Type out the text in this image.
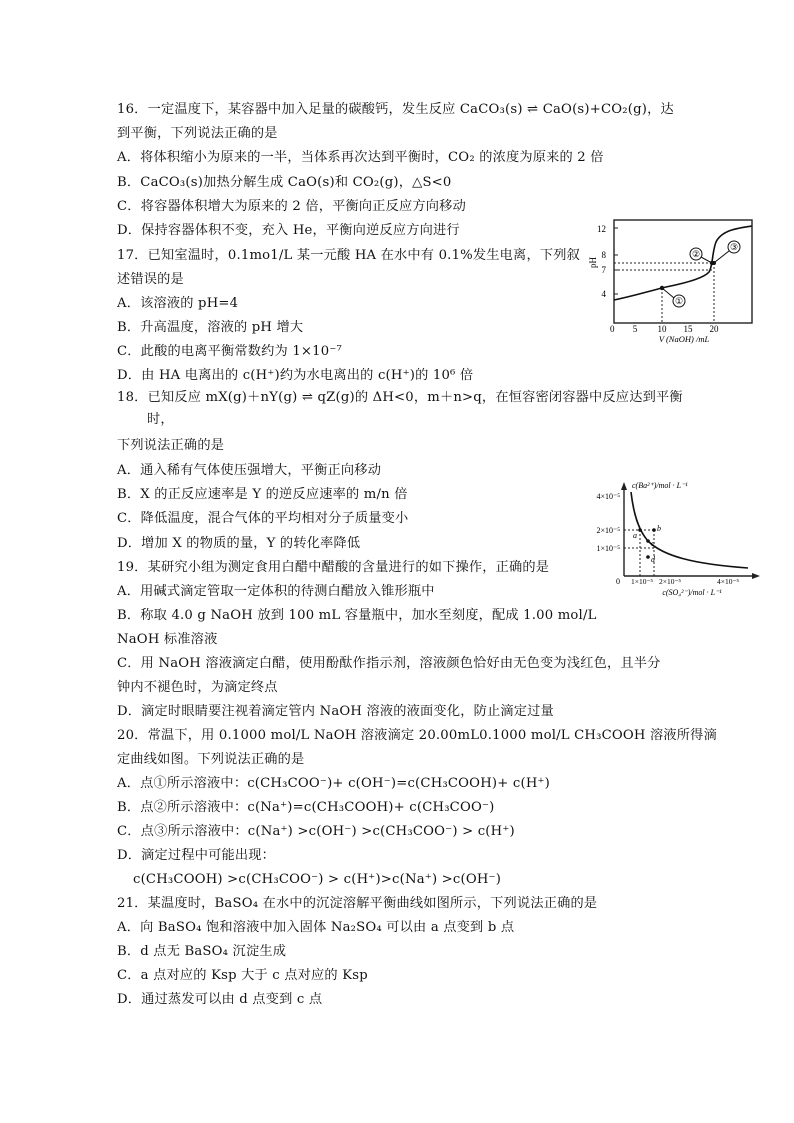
16．一定温度下，某容器中加入足量的碳酸钙，发生反应 CaCO₃(s) ⇌ CaO(s)+CO₂(g)，达
到平衡，下列说法正确的是
A．将体积缩小为原来的一半，当体系再次达到平衡时，CO₂ 的浓度为原来的 2 倍
B．CaCO₃(s)加热分解生成 CaO(s)和 CO₂(g)，△S<0
C．将容器体积增大为原来的 2 倍，平衡向正反应方向移动
D．保持容器体积不变，充入 He，平衡向逆反应方向进行
17．已知室温时，0.1mo1/L 某一元酸 HA 在水中有 0.1%发生电离，下列叙
述错误的是
A．该溶液的 pH=4
B．升高温度，溶液的 pH 增大
C．此酸的电离平衡常数约为 1×10⁻⁷
D．由 HA 电离出的 c(H⁺)约为水电离出的 c(H⁺)的 10⁶ 倍
18．已知反应 mX(g)＋nY(g) ⇌ qZ(g)的 ΔH<0，m＋n>q，在恒容密闭容器中反应达到平衡
时，
下列说法正确的是
A．通入稀有气体使压强增大，平衡正向移动
B．X 的正反应速率是 Y 的逆反应速率的 m/n 倍
C．降低温度，混合气体的平均相对分子质量变小
D．增加 X 的物质的量，Y 的转化率降低
19．某研究小组为测定食用白醋中醋酸的含量进行的如下操作，正确的是
A．用碱式滴定管取一定体积的待测白醋放入锥形瓶中
B．称取 4.0 g NaOH 放到 100 mL 容量瓶中，加水至刻度，配成 1.00 mol/L
NaOH 标准溶液
C．用 NaOH 溶液滴定白醋，使用酚酞作指示剂，溶液颜色恰好由无色变为浅红色，且半分
钟内不褪色时，为滴定终点
D．滴定时眼睛要注视着滴定管内 NaOH 溶液的液面变化，防止滴定过量
20．常温下，用 0.1000 mol/L NaOH 溶液滴定 20.00mL0.1000 mol/L CH₃COOH 溶液所得滴
定曲线如图。下列说法正确的是
A．点①所示溶液中：c(CH₃COO⁻)+ c(OH⁻)=c(CH₃COOH)+ c(H⁺)
B．点②所示溶液中：c(Na⁺)=c(CH₃COOH)+ c(CH₃COO⁻)
C．点③所示溶液中：c(Na⁺) >c(OH⁻) >c(CH₃COO⁻) > c(H⁺)
D．滴定过程中可能出现：
c(CH₃COOH) >c(CH₃COO⁻) > c(H⁺)>c(Na⁺) >c(OH⁻)
21．某温度时，BaSO₄ 在水中的沉淀溶解平衡曲线如图所示，下列说法正确的是
A．向 BaSO₄ 饱和溶液中加入固体 Na₂SO₄ 可以由 a 点变到 b 点
B．d 点无 BaSO₄ 沉淀生成
C．a 点对应的 Ksp 大于 c 点对应的 Ksp
D．通过蒸发可以由 d 点变到 c 点
pH
12
8
7
4
①
②
③
0 5 10 15 20
V (NaOH) /mL
c(Ba²⁺)/mol · L⁻¹
4×10⁻⁵
2×10⁻⁵
1×10⁻⁵
a
b
c
d
0 1×10⁻⁵ 2×10⁻⁵	4×10⁻⁵
c(SO₄²⁻)/mol · L⁻¹
